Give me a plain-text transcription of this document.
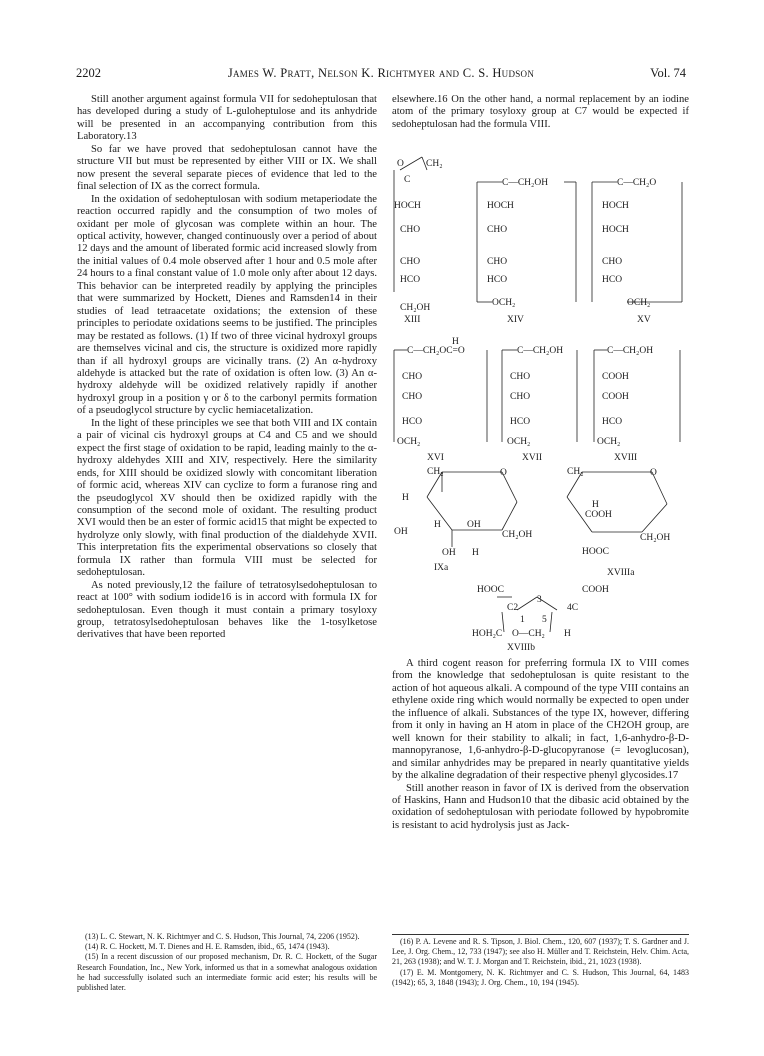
2202	James W. Pratt, Nelson K. Richtmyer and C. S. Hudson	Vol. 74

Still another argument against formula VII for sedoheptulosan that has developed during a study of L-guloheptulose and its anhydride will be presented in an accompanying contribution from this Laboratory.13

So far we have proved that sedoheptulosan cannot have the structure VII but must be represented by either VIII or IX. We shall now present the several separate pieces of evidence that led to the final selection of IX as the correct formula.

In the oxidation of sedoheptulosan with sodium metaperiodate the reaction occurred rapidly and the consumption of two moles of oxidant per mole of glycosan was complete within an hour. The optical activity, however, changed continuously over a period of about 12 days and the amount of liberated formic acid increased slowly from the initial values of 0.4 mole observed after 1 hour and 0.5 mole after 24 hours to a final constant value of 1.0 mole only after about 12 days. This behavior can be interpreted readily by applying the principles that were summarized by Hockett, Dienes and Ramsden14 in their studies of lead tetraacetate oxidations; the extension of these principles to periodate oxidations seems to be justified. The principles may be restated as follows. (1) If two of three vicinal hydroxyl groups are themselves vicinal and cis, the structure is oxidized more rapidly than if all hydroxyl groups are vicinally trans. (2) An α-hydroxy aldehyde is attacked but the rate of oxidation is often low. (3) An α-hydroxy aldehyde will be oxidized relatively rapidly if another hydroxyl group in a position γ or δ to the carbonyl permits formation of a pseudoglycol structure by cyclic hemiacetalization.

In the light of these principles we see that both VIII and IX contain a pair of vicinal cis hydroxyl groups at C4 and C5 and we should expect the first stage of oxidation to be rapid, leading mainly to the α-hydroxy aldehydes XIII and XIV, respectively. Here the similarity ends, for XIII should be oxidized slowly with concomitant liberation of formic acid, whereas XIV can cyclize to form a furanose ring and the pseudoglycol XV should then be oxidized rapidly with the consumption of the second mole of oxidant. The resulting product XVI would then be an ester of formic acid15 that might be expected to hydrolyze only slowly, with final production of the dialdehyde XVII. This interpretation fits the experimental observations so closely that formula IX rather than formula VIII must be selected for sedoheptulosan.

As noted previously,12 the failure of tetratosylsedoheptulosan to react at 100° with sodium iodide16 is in accord with formula IX for sedoheptulosan. Even though it must contain a primary tosyloxy group, tetratosylsedoheptulosan behaves like the 1-tosylketose derivatives that have been reported

(13) L. C. Stewart, N. K. Richtmyer and C. S. Hudson, This Journal, 74, 2206 (1952).

(14) R. C. Hockett, M. T. Dienes and H. E. Ramsden, ibid., 65, 1474 (1943).

(15) In a recent discussion of our proposed mechanism, Dr. R. C. Hockett, of the Sugar Research Foundation, Inc., New York, informed us that in a somewhat analogous oxidation he had successfully isolated such an intermediate formic acid ester; his results will be published later.

elsewhere.16 On the other hand, a normal replacement by an iodine atom of the primary tosyloxy group at C7 would be expected if sedoheptulosan had the formula VIII.

O CH₂
C
HOCH
CHO
CHO
HCO
CH₂OH
XIII
C—CH₂OH
HOCH
CHO
CHO
HCO
OCH₂
XIV
C—CH₂O
HOCH
HOCH
CHO
HCO
OCH₂
XV
H
C—CH₂OC=O
CHO
CHO
HCO
OCH₂
XVI
C—CH₂OH
CHO
CHO
HCO
OCH₂
XVII
C—CH₂OH
COOH
COOH
HCO
OCH₂
XVIII
CH₂	O
H
OH
H	OH
CH₂OH
OH H
IXa
CH₂	O
H
COOH
CH₂OH
HOOC
XVIIIa
HOOC	COOH
C2
3
4C
1 5
HOH₂C O—CH₂ H
XVIIIb

A third cogent reason for preferring formula IX to VIII comes from the knowledge that sedoheptulosan is quite resistant to the action of hot aqueous alkali. A compound of the type VIII contains an ethylene oxide ring which would normally be expected to open under the influence of alkali. Substances of the type IX, however, differing from it only in having an H atom in place of the CH2OH group, are well known for their stability to alkali; in fact, 1,6-anhydro-β-D-mannopyranose, 1,6-anhydro-β-D-glucopyranose (= levoglucosan), and similar anhydrides may be prepared in nearly quantitative yields by the alkaline degradation of their respective phenyl glycosides.17

Still another reason in favor of IX is derived from the observation of Haskins, Hann and Hudson10 that the dibasic acid obtained by the oxidation of sedoheptulosan with periodate followed by hypobromite is resistant to acid hydrolysis just as Jack-

(16) P. A. Levene and R. S. Tipson, J. Biol. Chem., 120, 607 (1937); T. S. Gardner and J. Lee, J. Org. Chem., 12, 733 (1947); see also H. Müller and T. Reichstein, Helv. Chim. Acta, 21, 263 (1938); and W. T. J. Morgan and T. Reichstein, ibid., 21, 1023 (1938).

(17) E. M. Montgomery, N. K. Richtmyer and C. S. Hudson, This Journal, 64, 1483 (1942); 65, 3, 1848 (1943); J. Org. Chem., 10, 194 (1945).
